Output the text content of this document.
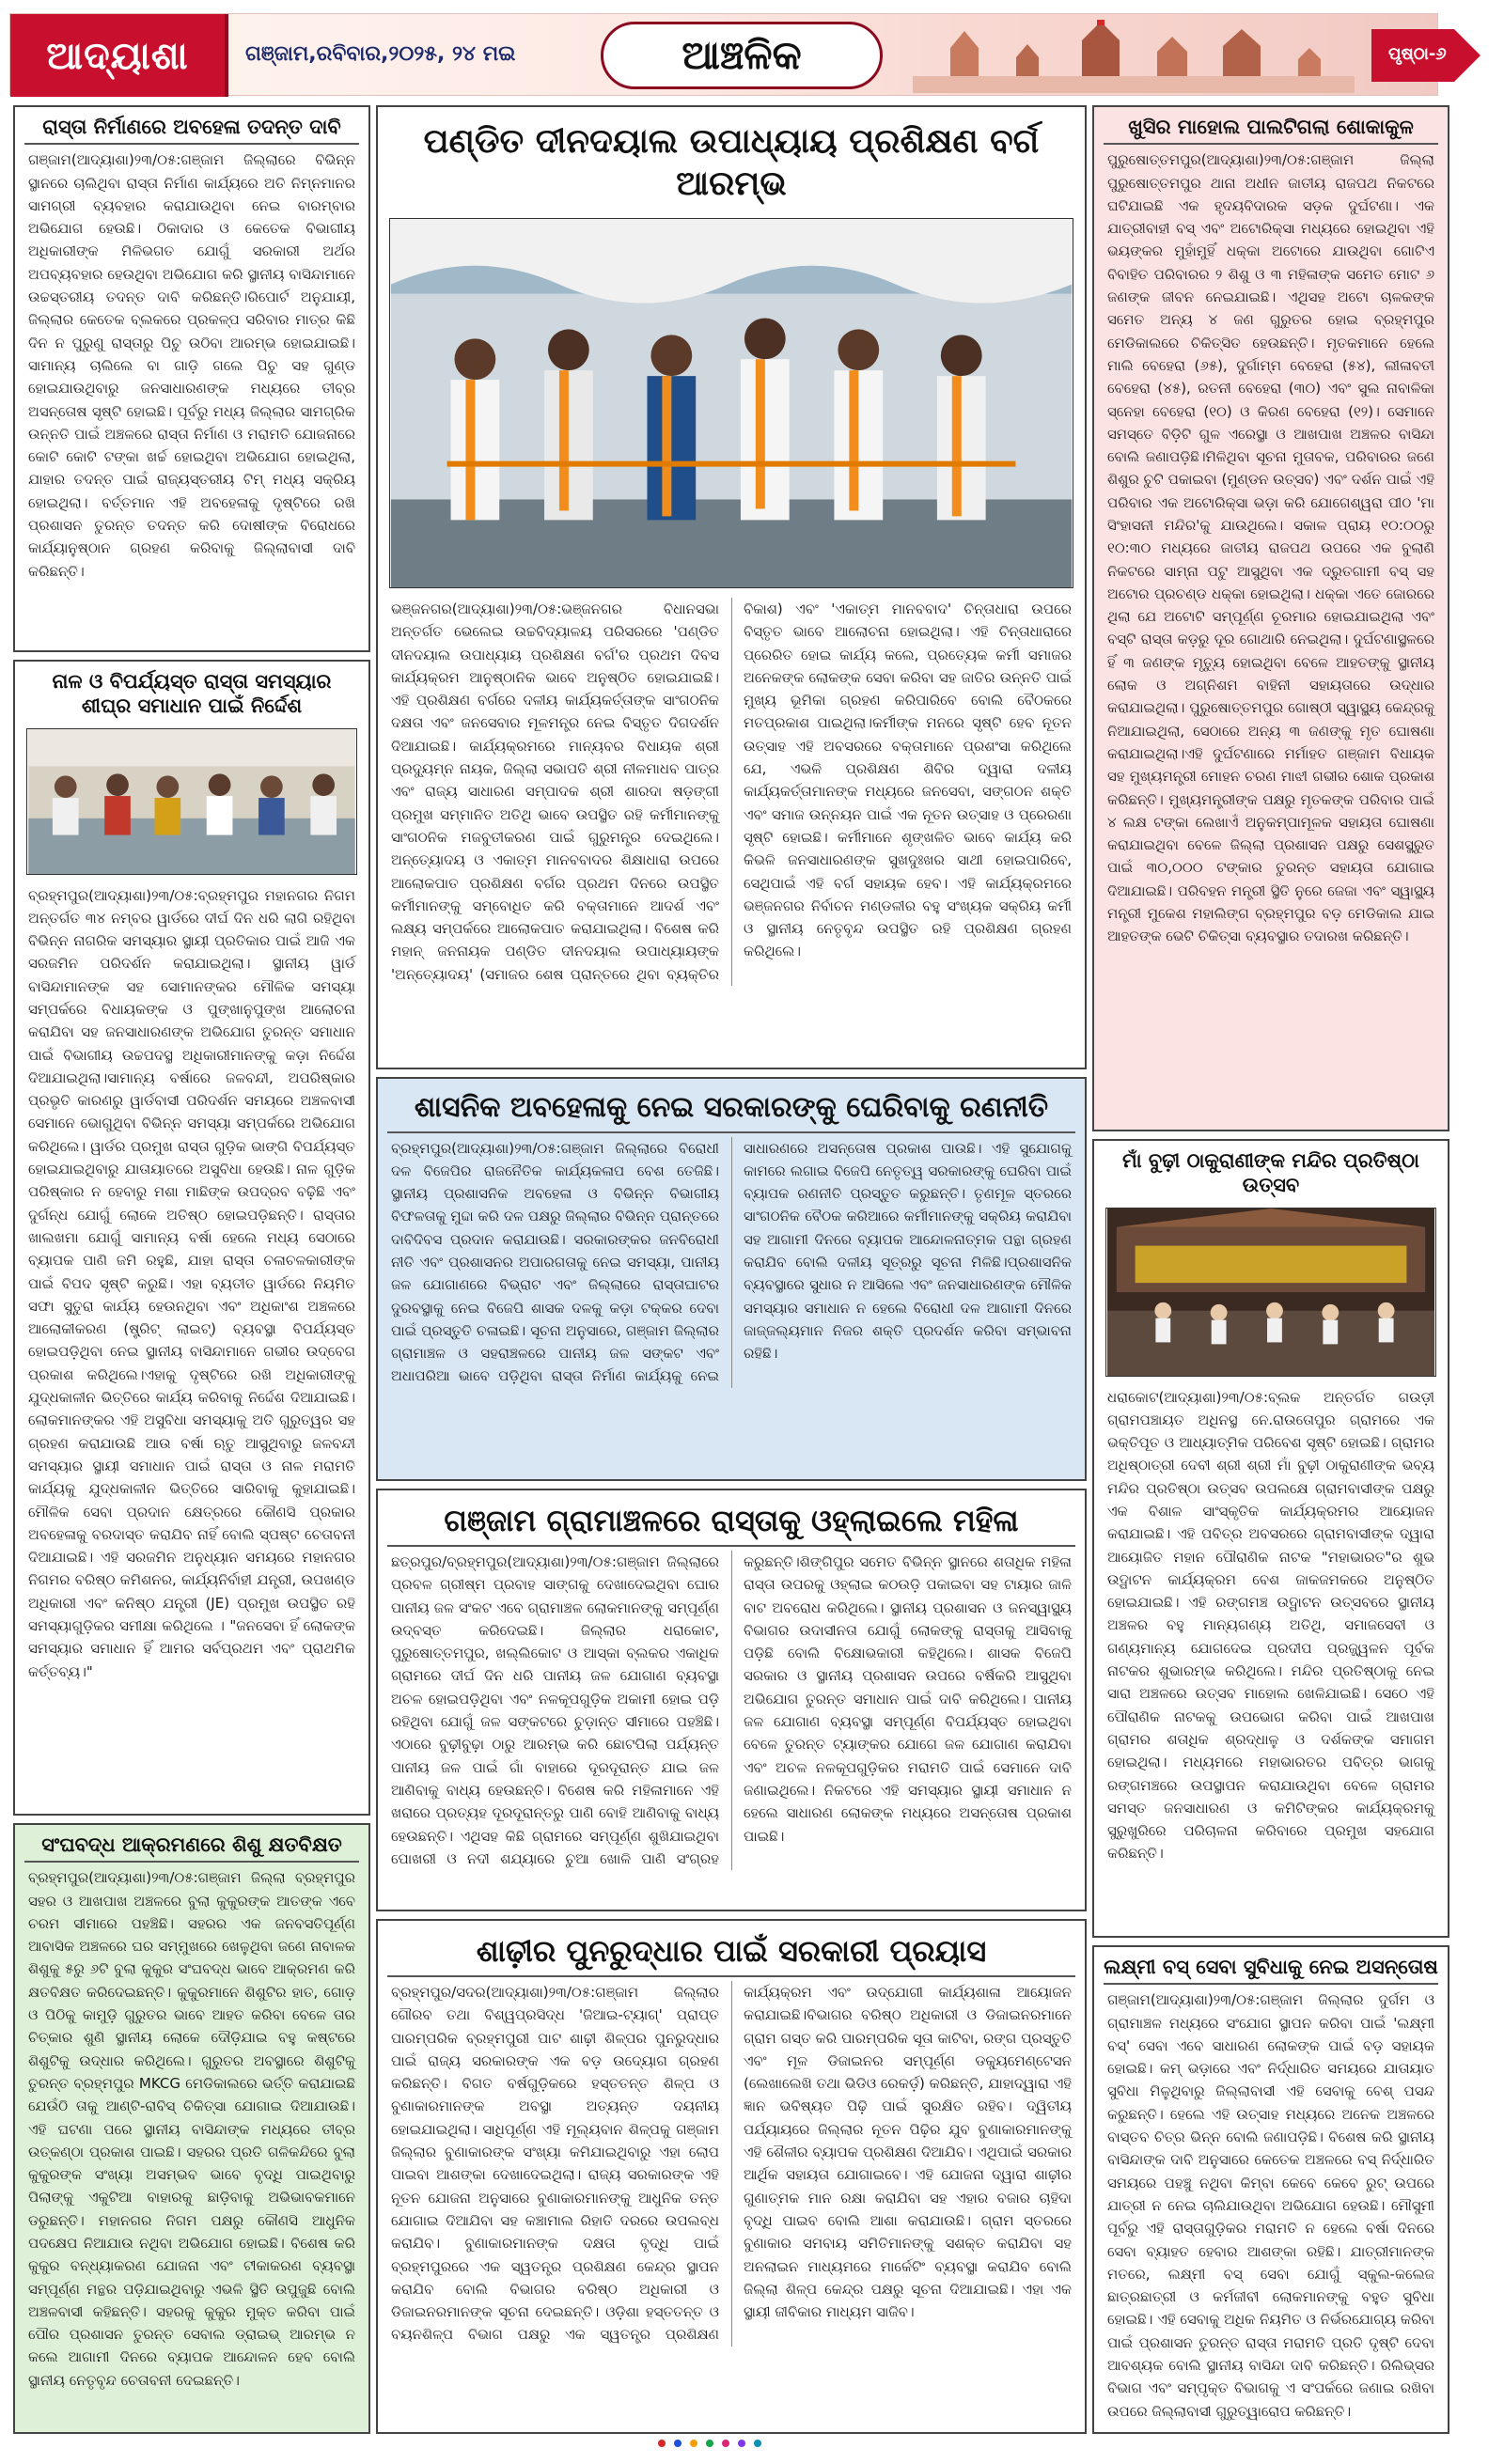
ଆଦ୍ୟାଶା	ଗଞ୍ଜାମ,ରବିବାର,୨୦୨୫, ୨୪ ମଇ	ଆଞ୍ଚଳିକ	ପୃଷ୍ଠା-୬
ରାସ୍ତା ନିର୍ମାଣରେ ଅବହେଳା ତଦନ୍ତ ଦାବି
ଗଞ୍ଜାମ(ଆଦ୍ୟାଶା)୨୩/୦୫:ଗଞ୍ଜାମ ଜିଲ୍ଲାରେ ବିଭିନ୍ନ ସ୍ଥାନରେ ଚାଲିଥିବା ରାସ୍ତା ନିର୍ମାଣ କାର୍ଯ୍ୟରେ ଅତି ନିମ୍ନମାନର ସାମଗ୍ରୀ ବ୍ୟବହାର କରାଯାଉଥିବା ନେଇ ବାରମ୍ବାର ଅଭିଯୋଗ ହେଉଛି। ଠିକାଦାର ଓ କେତେକ ବିଭାଗୀୟ ଅଧିକାରୀଙ୍କ ମିଳିଭଗତ ଯୋଗୁଁ ସରକାରୀ ଅର୍ଥର ଅପବ୍ୟବହାର ହେଉଥିବା ଅଭିଯୋଗ କରି ସ୍ଥାନୀୟ ବାସିନ୍ଦାମାନେ ଉଚ୍ଚସ୍ତରୀୟ ତଦନ୍ତ ଦାବି କରିଛନ୍ତି।ରିପୋର୍ଟ ଅନୁଯାୟୀ, ଜିଲ୍ଲାର କେତେକ ବ୍ଲକରେ ପ୍ରକଳ୍ପ ସରିବାର ମାତ୍ର କିଛି ଦିନ ନ ପୁରୁଣୁ ରାସ୍ତାରୁ ପିଚୁ ଉଠିବା ଆରମ୍ଭ ହୋଇଯାଇଛି। ସାମାନ୍ୟ ଚାଲିଲେ ବା ଗାଡ଼ି ଗଲେ ପିଚୁ ସହ ଗୁଣ୍ଡ ହୋଇଯାଉଥିବାରୁ ଜନସାଧାରଣଙ୍କ ମଧ୍ୟରେ ତୀବ୍ର ଅସନ୍ତୋଷ ସୃଷ୍ଟି ହୋଇଛି। ପୂର୍ବରୁ ମଧ୍ୟ ଜିଲ୍ଲାର ସାମଗ୍ରିକ ଉନ୍ନତି ପାଇଁ ଅଞ୍ଚଳରେ ରାସ୍ତା ନିର୍ମାଣ ଓ ମରାମତି ଯୋଜନାରେ କୋଟି କୋଟି ଟଙ୍କା ଖର୍ଚ୍ଚ ହୋଇଥିବା ଅଭିଯୋଗ ହୋଇଥିଲା, ଯାହାର ତଦନ୍ତ ପାଇଁ ରାଜ୍ୟସ୍ତରୀୟ ଟିମ୍ ମଧ୍ୟ ସକ୍ରିୟ ହୋଇଥିଲା। ବର୍ତ୍ତମାନ ଏହି ଅବହେଳାକୁ ଦୃଷ୍ଟିରେ ରଖି ପ୍ରଶାସନ ତୁରନ୍ତ ତଦନ୍ତ କରି ଦୋଷୀଙ୍କ ବିରୋଧରେ କାର୍ଯ୍ୟାନୁଷ୍ଠାନ ଗ୍ରହଣ କରିବାକୁ ଜିଲ୍ଲାବାସୀ ଦାବି କରିଛନ୍ତି।
ନାଳ ଓ ବିପର୍ଯ୍ୟସ୍ତ ରାସ୍ତା ସମସ୍ୟାର ଶୀଘ୍ର ସମାଧାନ ପାଇଁ ନିର୍ଦ୍ଦେଶ
ବ୍ରହ୍ମପୁର(ଆଦ୍ୟାଶା)୨୩/୦୫:ବ୍ରହ୍ମପୁର ମହାନଗର ନିଗମ ଅନ୍ତର୍ଗତ ୩୪ ନମ୍ବର ୱାର୍ଡରେ ଦୀର୍ଘ ଦିନ ଧରି ଲାଗି ରହିଥିବା ବିଭିନ୍ନ ନାଗରିକ ସମସ୍ୟାର ସ୍ଥାୟୀ ପ୍ରତିକାର ପାଇଁ ଆଜି ଏକ ସରଜମିନ ପରିଦର୍ଶନ କରାଯାଇଥିଲା। ସ୍ଥାନୀୟ ୱାର୍ଡ ବାସିନ୍ଦାମାନଙ୍କ ସହ ସୋମାନଙ୍କର ମୌଳିକ ସମସ୍ୟା ସମ୍ପର୍କରେ ବିଧାୟକଙ୍କ ଓ ପୁଙ୍ଖାନୁପୁଙ୍ଖ ଆଲୋଚନା କରାଯିବା ସହ ଜନସାଧାରଣଙ୍କ ଅଭିଯୋଗ ତୁରନ୍ତ ସମାଧାନ ପାଇଁ ବିଭାଗୀୟ ଉଚ୍ଚପଦସ୍ଥ ଅଧିକାରୀମାନଙ୍କୁ କଡ଼ା ନିର୍ଦ୍ଦେଶ ଦିଆଯାଇଥିଲା।ସାମାନ୍ୟ ବର୍ଷାରେ ଜଳବନ୍ଦୀ, ଅପରିଷ୍କାର ପ୍ରଭୃତି କାରଣରୁ ୱାର୍ଡବାସୀ ପରିଦର୍ଶନ ସମୟରେ ଅଞ୍ଚଳବାସୀ ସେମାନେ ଭୋଗୁଥିବା ବିଭିନ୍ନ ସମସ୍ୟା ସମ୍ପର୍କରେ ଅଭିଯୋଗ କରିଥିଲେ। ୱାର୍ଡର ପ୍ରମୁଖ ରାସ୍ତା ଗୁଡ଼ିକ ଭାଙ୍ଗି ବିପର୍ଯ୍ୟସ୍ତ ହୋଇଯାଇଥିବାରୁ ଯାତାୟାତରେ ଅସୁବିଧା ହେଉଛି। ନାଳ ଗୁଡ଼ିକ ପରିଷ୍କାର ନ ହେବାରୁ ମଶା ମାଛିଙ୍କ ଉପଦ୍ରବ ବଢ଼ିଛି ଏବଂ ଦୁର୍ଗନ୍ଧ ଯୋଗୁଁ ଲୋକେ ଅତିଷ୍ଠ ହୋଇପଡ଼ିଛନ୍ତି। ରାସ୍ତାର ଖାଲଖମା ଯୋଗୁଁ ସାମାନ୍ୟ ବର୍ଷା ହେଲେ ମଧ୍ୟ ସେଠାରେ ବ୍ୟାପକ ପାଣି ଜମି ରହୁଛି, ଯାହା ରାସ୍ତା ଚଳାଚଳକାରୀଙ୍କ ପାଇଁ ବିପଦ ସୃଷ୍ଟି କରୁଛି। ଏହା ବ୍ୟତୀତ ୱାର୍ଡରେ ନିୟମିତ ସଫା ସୁତୁରା କାର୍ଯ୍ୟ ହେଉନଥିବା ଏବଂ ଅଧିକାଂଶ ଅଞ୍ଚଳରେ ଆଲୋକୀକରଣ (ଷ୍ଟ୍ରିଟ୍ ଲାଇଟ୍) ବ୍ୟବସ୍ଥା ବିପର୍ଯ୍ୟସ୍ତ ହୋଇପଡ଼ିଥିବା ନେଇ ସ୍ଥାନୀୟ ବାସିନ୍ଦାମାନେ ଗଭୀର ଉଦ୍‌ବେଗ ପ୍ରକାଶ କରିଥିଲେ।ଏହାକୁ ଦୃଷ୍ଟିରେ ରଖି ଅଧିକାରୀଙ୍କୁ ଯୁଦ୍ଧକାଳୀନ ଭିତ୍ତିରେ କାର୍ଯ୍ୟ କରିବାକୁ ନିର୍ଦ୍ଦେଶ ଦିଆଯାଇଛି। ଲୋକମାନଙ୍କର ଏହି ଅସୁବିଧା ସମସ୍ୟାକୁ ଅତି ଗୁରୁତ୍ୱର ସହ ଗ୍ରହଣ କରାଯାଉଛି ଆଉ ବର୍ଷା ଋତୁ ଆସୁଥିବାରୁ ଜଳବନ୍ଦୀ ସମସ୍ୟାର ସ୍ଥାୟୀ ସମାଧାନ ପାଇଁ ରାସ୍ତା ଓ ନାଳ ମରାମତି କାର୍ଯ୍ୟକୁ ଯୁଦ୍ଧକାଳୀନ ଭିତ୍ତିରେ ସାରିବାକୁ କୁହାଯାଇଛି। ମୌଳିକ ସେବା ପ୍ରଦାନ କ୍ଷେତ୍ରରେ କୌଣସି ପ୍ରକାର ଅବହେଳାକୁ ବରଦାସ୍ତ କରାଯିବ ନାହିଁ ବୋଲି ସ୍ପଷ୍ଟ ଚେତାବନୀ ଦିଆଯାଇଛି। ଏହି ସରଜମିନ ଅନୁଧ୍ୟାନ ସମୟରେ ମହାନଗର ନିଗମର ବରିଷ୍ଠ କମିଶନର, କାର୍ଯ୍ୟନିର୍ବାହୀ ଯନ୍ତ୍ରୀ, ଉପଖଣ୍ଡ ଅଧିକାରୀ ଏବଂ କନିଷ୍ଠ ଯନ୍ତ୍ରୀ (JE) ପ୍ରମୁଖ ଉପସ୍ଥିତ ରହି ସମସ୍ୟାଗୁଡ଼ିକର ସମୀକ୍ଷା କରିଥିଲେ । "ଜନସେବା ହିଁ ଲୋକଙ୍କ ସମସ୍ୟାର ସମାଧାନ ହିଁ ଆମର ସର୍ବପ୍ରଥମ ଏବଂ ପ୍ରାଥମିକ କର୍ତ୍ତବ୍ୟ।"
ସଂଘବଦ୍ଧ ଆକ୍ରମଣରେ ଶିଶୁ କ୍ଷତବିକ୍ଷତ
ବ୍ରହ୍ମପୁର(ଆଦ୍ୟାଶା)୨୩/୦୫:ଗଞ୍ଜାମ ଜିଲ୍ଲା ବ୍ରହ୍ମପୁର ସହର ଓ ଆଖପାଖ ଅଞ୍ଚଳରେ ବୁଲା କୁକୁରଙ୍କ ଆତଙ୍କ ଏବେ ଚରମ ସୀମାରେ ପହଞ୍ଚିଛି। ସହରର ଏକ ଜନବସତିପୂର୍ଣ୍ଣ ଆବାସିକ ଅଞ୍ଚଳରେ ଘର ସମ୍ମୁଖରେ ଖେଳୁଥିବା ଜଣେ ନାବାଳକ ଶିଶୁକୁ ୫ରୁ ୬ଟି ବୁଲା କୁକୁର ସଂଘବଦ୍ଧ ଭାବେ ଆକ୍ରମଣ କରି କ୍ଷତବିକ୍ଷତ କରିଦେଇଛନ୍ତି। କୁକୁରମାନେ ଶିଶୁଟିର ହାତ, ଗୋଡ଼ ଓ ପିଠିକୁ କାମୁଡ଼ି ଗୁରୁତର ଭାବେ ଆହତ କରିବା ବେଳେ ତାର ଚିତ୍କାର ଶୁଣି ସ୍ଥାନୀୟ ଲୋକେ ଦୌଡ଼ିଯାଇ ବହୁ କଷ୍ଟରେ ଶିଶୁଟିକୁ ଉଦ୍ଧାର କରିଥିଲେ। ଗୁରୁତର ଅବସ୍ଥାରେ ଶିଶୁଟିକୁ ତୁରନ୍ତ ବ୍ରହ୍ମପୁର MKCG ମେଡିକାଲରେ ଭର୍ତ୍ତି କରାଯାଇଛି ଯେଉଁଠି ତାକୁ ଆଣ୍ଟି-ରାବିସ୍ ଚିକିତ୍ସା ଯୋଗାଇ ଦିଆଯାଉଛି। ଏହି ଘଟଣା ପରେ ସ୍ଥାନୀୟ ବାସିନ୍ଦାଙ୍କ ମଧ୍ୟରେ ତୀବ୍ର ଉତ୍କଣ୍ଠା ପ୍ରକାଶ ପାଇଛି। ସହରର ପ୍ରତି ଗଳିକନ୍ଦିରେ ବୁଲା କୁକୁରଙ୍କ ସଂଖ୍ୟା ଅସମ୍ଭବ ଭାବେ ବୃଦ୍ଧି ପାଇଥିବାରୁ ପିଲାଙ୍କୁ ଏକୁଟିଆ ବାହାରକୁ ଛାଡ଼ିବାକୁ ଅଭିଭାବକମାନେ ଡରୁଛନ୍ତି। ମହାନଗର ନିଗମ ପକ୍ଷରୁ କୌଣସି ଆଧୁନିକ ପଦକ୍ଷେପ ନିଆଯାଉ ନଥିବା ଅଭିଯୋଗ ହୋଇଛି। ବିଶେଷ କରି କୁକୁର ବନ୍ଧ୍ୟାକରଣ ଯୋଜନା ଏବଂ ଟୀକାକରଣ ବ୍ୟବସ୍ଥା ସମ୍ପୂର୍ଣ୍ଣ ମନ୍ଥର ପଡ଼ିଯାଇଥିବାରୁ ଏଭଳି ସ୍ଥିତି ଉପୁଜୁଛି ବୋଲି ଅଞ୍ଚଳବାସୀ କହିଛନ୍ତି। ସହରକୁ କୁକୁର ମୁକ୍ତ କରିବା ପାଇଁ ପୌର ପ୍ରଶାସନ ତୁରନ୍ତ ସେବାଲ ଡ୍ରାଇଭ୍ ଆରମ୍ଭ ନ କଲେ ଆଗାମୀ ଦିନରେ ବ୍ୟାପକ ଆନ୍ଦୋଳନ ହେବ ବୋଲି ସ୍ଥାନୀୟ ନେତୃବୃନ୍ଦ ଚେତାବନୀ ଦେଇଛନ୍ତି।
ପଣ୍ଡିତ ଦୀନଦୟାଲ ଉପାଧ୍ୟାୟ ପ୍ରଶିକ୍ଷଣ ବର୍ଗ ଆରମ୍ଭ
ଭଞ୍ଜନଗର(ଆଦ୍ୟାଶା)୨୩/୦୫:ଭଞ୍ଜନଗର ବିଧାନସଭା ଅନ୍ତର୍ଗତ ଭେଲେଇ ଉଚ୍ଚବିଦ୍ୟାଳୟ ପରିସରରେ 'ପଣ୍ଡିତ ଦୀନଦୟାଲ ଉପାଧ୍ୟାୟ ପ୍ରଶିକ୍ଷଣ ବର୍ଗ'ର ପ୍ରଥମ ଦିବସ କାର୍ଯ୍ୟକ୍ରମ ଆନୁଷ୍ଠାନିକ ଭାବେ ଅନୁଷ୍ଠିତ ହୋଇଯାଇଛି। ଏହି ପ୍ରଶିକ୍ଷଣ ବର୍ଗରେ ଦଳୀୟ କାର୍ଯ୍ୟକର୍ତ୍ତାଙ୍କ ସାଂଗଠନିକ ଦକ୍ଷତା ଏବଂ ଜନସେବାର ମୂଳମନ୍ତ୍ର ନେଇ ବିସ୍ତୃତ ଦିଗଦର୍ଶନ ଦିଆଯାଇଛି। କାର୍ଯ୍ୟକ୍ରମରେ ମାନ୍ୟବର ବିଧାୟକ ଶ୍ରୀ ପ୍ରଦ୍ୟୁମ୍ନ ନାୟକ, ଜିଲ୍ଲା ସଭାପତି ଶ୍ରୀ ନୀଳମାଧବ ପାତ୍ର ଏବଂ ରାଜ୍ୟ ସାଧାରଣ ସମ୍ପାଦକ ଶ୍ରୀ ଶାରଦା ଷଡ଼ଙ୍ଗୀ ପ୍ରମୁଖ ସମ୍ମାନିତ ଅତିଥି ଭାବେ ଉପସ୍ଥିତ ରହି କର୍ମୀମାନଙ୍କୁ ସାଂଗଠନିକ ମଜବୁତୀକରଣ ପାଇଁ ଗୁରୁମନ୍ତ୍ର ଦେଇଥିଲେ।ଅନ୍ତ୍ୟୋଦୟ ଓ ଏକାତ୍ମ ମାନବବାଦର ଶିକ୍ଷାଧାରା ଉପରେ ଆଲୋକପାତ ପ୍ରଶିକ୍ଷଣ ବର୍ଗର ପ୍ରଥମ ଦିନରେ ଉପସ୍ଥିତ କର୍ମୀମାନଙ୍କୁ ସମ୍ବୋଧିତ କରି ବକ୍ତାମାନେ ଆଦର୍ଶ ଏବଂ ଲକ୍ଷ୍ୟ ସମ୍ପର୍କରେ ଆଲୋକପାତ କରାଯାଇଥିଲା। ବିଶେଷ କରି ମହାନ୍ ଜନନାୟକ ପଣ୍ଡିତ ଦୀନଦୟାଲ ଉପାଧ୍ୟାୟଙ୍କ 'ଅନ୍ତ୍ୟୋଦୟ' (ସମାଜର ଶେଷ ପ୍ରାନ୍ତରେ ଥିବା ବ୍ୟକ୍ତିର ବିକାଶ) ଏବଂ 'ଏକାତ୍ମ ମାନବବାଦ' ଚିନ୍ତାଧାରା ଉପରେ ବିସ୍ତୃତ ଭାବେ ଆଲୋଚନା ହୋଇଥିଲା। ଏହି ଚିନ୍ତାଧାରାରେ ପ୍ରେରିତ ହୋଇ କାର୍ଯ୍ୟ କଲେ, ପ୍ରତ୍ୟେକ କର୍ମୀ ସମାଜର ଅନେକଙ୍କ ଲୋକଙ୍କ ସେବା କରିବା ସହ ଜାତିର ଉନ୍ନତି ପାଇଁ ମୁଖ୍ୟ ଭୂମିକା ଗ୍ରହଣ କରିପାରିବେ ବୋଲି ବୈଠକରେ ମତପ୍ରକାଶ ପାଇଥିଲା।କର୍ମୀଙ୍କ ମନରେ ସୃଷ୍ଟି ହେବ ନୂତନ ଉତ୍ସାହ ଏହି ଅବସରରେ ବକ୍ତାମାନେ ପ୍ରଶଂସା କରିଥିଲେ ଯେ, ଏଭଳି ପ୍ରଶିକ୍ଷଣ ଶିବିର ଦ୍ୱାରା ଦଳୀୟ କାର୍ଯ୍ୟକର୍ତ୍ତାମାନଙ୍କ ମଧ୍ୟରେ ଜନସେବା, ସଙ୍ଗଠନ ଶକ୍ତି ଏବଂ ସମାଜ ଉନ୍ନୟନ ପାଇଁ ଏକ ନୂତନ ଉତ୍ସାହ ଓ ପ୍ରେରଣା ସୃଷ୍ଟି ହୋଇଛି। କର୍ମୀମାନେ ଶୃଙ୍ଖଳିତ ଭାବେ କାର୍ଯ୍ୟ କରି କିଭଳି ଜନସାଧାରଣଙ୍କ ସୁଖଦୁଃଖର ସାଥୀ ହୋଇପାରିବେ, ସେଥିପାଇଁ ଏହି ବର୍ଗ ସହାୟକ ହେବ। ଏହି କାର୍ଯ୍ୟକ୍ରମରେ ଭଞ୍ଜନଗର ନିର୍ବାଚନ ମଣ୍ଡଳୀର ବହୁ ସଂଖ୍ୟକ ସକ୍ରିୟ କର୍ମୀ ଓ ସ୍ଥାନୀୟ ନେତୃବୃନ୍ଦ ଉପସ୍ଥିତ ରହି ପ୍ରଶିକ୍ଷଣ ଗ୍ରହଣ କରିଥିଲେ।
ଶାସନିକ ଅବହେଳାକୁ ନେଇ ସରକାରଙ୍କୁ ଘେରିବାକୁ ରଣନୀତି
ବ୍ରହ୍ମପୁର(ଆଦ୍ୟାଶା)୨୩/୦୫:ଗଞ୍ଜାମ ଜିଲ୍ଲାରେ ବିରୋଧୀ ଦଳ ବିଜେପିର ରାଜନୈତିକ କାର୍ଯ୍ୟକଳାପ ବେଶ ତେଜିଛି। ସ୍ଥାନୀୟ ପ୍ରଶାସନିକ ଅବହେଳା ଓ ବିଭିନ୍ନ ବିଭାଗୀୟ ବିଫଳତାକୁ ମୁଦ୍ଦା କରି ଦଳ ପକ୍ଷରୁ ଜିଲ୍ଲାର ବିଭିନ୍ନ ପ୍ରାନ୍ତରେ ଦାବିଦିବସ ପ୍ରଦାନ କରାଯାଉଛି। ସରକାରଙ୍କର ଜନବିରୋଧୀ ନୀତି ଏବଂ ପ୍ରଶାସନର ଅପାରଗତାକୁ ନେଇ ସମସ୍ୟା, ପାନୀୟ ଜଳ ଯୋଗାଣରେ ବିଭ୍ରାଟ ଏବଂ ଜିଲ୍ଲାରେ ରାସ୍ତାଘାଟର ଦୁରବସ୍ଥାକୁ ନେଇ ବିଜେପି ଶାସକ ଦଳକୁ କଡ଼ା ଟକ୍କର ଦେବା ପାଇଁ ପ୍ରସ୍ତୁତି ଚଳାଇଛି। ସୂଚନା ଅନୁସାରେ, ଗଞ୍ଜାମ ଜିଲ୍ଲାର ଗ୍ରାମାଞ୍ଚଳ ଓ ସହରାଞ୍ଚଳରେ ପାନୀୟ ଜଳ ସଙ୍କଟ ଏବଂ ଅଧାପରିଆ ଭାବେ ପଡ଼ିଥିବା ରାସ୍ତା ନିର୍ମାଣ କାର୍ଯ୍ୟକୁ ନେଇ ସାଧାରଣରେ ଅସନ୍ତୋଷ ପ୍ରକାଶ ପାଉଛି। ଏହି ସୁଯୋଗକୁ କାମରେ ଲଗାଇ ବିଜେପି ନେତୃତ୍ୱ ସରକାରଙ୍କୁ ଘେରିବା ପାଇଁ ବ୍ୟାପକ ରଣନୀତି ପ୍ରସ୍ତୁତ କରୁଛନ୍ତି। ତୃଣମୂଳ ସ୍ତରରେ ସାଂଗଠନିକ ବୈଠକ କରିଆରେ କର୍ମୀମାନଙ୍କୁ ସକ୍ରିୟ କରାଯିବା ସହ ଆଗାମୀ ଦିନରେ ବ୍ୟାପକ ଆନ୍ଦୋଳନାତ୍ମକ ପନ୍ଥା ଗ୍ରହଣ କରାଯିବ ବୋଲି ଦଳୀୟ ସୂତ୍ରରୁ ସୂଚନା ମିଳିଛି।ପ୍ରଶାସନିକ ବ୍ୟବସ୍ଥାରେ ସୁଧାର ନ ଆସିଲେ ଏବଂ ଜନସାଧାରଣଙ୍କ ମୌଳିକ ସମସ୍ୟାର ସମାଧାନ ନ ହେଲେ ବିରୋଧୀ ଦଳ ଆଗାମୀ ଦିନରେ ଜାଜ୍ଜଲ୍ୟମାନ ନିଜର ଶକ୍ତି ପ୍ରଦର୍ଶନ କରିବା ସମ୍ଭାବନା ରହିଛି।
ଗଞ୍ଜାମ ଗ୍ରାମାଞ୍ଚଳରେ ରାସ୍ତାକୁ ଓହ୍ଲାଇଲେ ମହିଳା
ଛତ୍ରପୁର/ବ୍ରହ୍ମପୁର(ଆଦ୍ୟାଶା)୨୩/୦୫:ଗଞ୍ଜାମ ଜିଲ୍ଲାରେ ପ୍ରବଳ ଗ୍ରୀଷ୍ମ ପ୍ରବାହ ସାଙ୍ଗକୁ ଦେଖାଦେଇଥିବା ଘୋର ପାନୀୟ ଜଳ ସଂକଟ ଏବେ ଗ୍ରାମାଞ୍ଚଳ ଲୋକମାନଙ୍କୁ ସମ୍ପୂର୍ଣ୍ଣ ଉଦ୍ବସ୍ତ କରିଦେଇଛି। ଜିଲ୍ଲାର ଧରାକୋଟ, ପୁରୁଷୋତ୍ତମପୁର, ଖଲ୍ଲିକୋଟ ଓ ଆସ୍କା ବ୍ଲକର ଏକାଧିକ ଗ୍ରାମରେ ଦୀର୍ଘ ଦିନ ଧରି ପାନୀୟ ଜଳ ଯୋଗାଣ ବ୍ୟବସ୍ଥା ଅଚଳ ହୋଇପଡ଼ିଥିବା ଏବଂ ନଳକୂପଗୁଡ଼ିକ ଅକାମୀ ହୋଇ ପଡ଼ି ରହିଥିବା ଯୋଗୁଁ ଜଳ ସଙ୍କଟରେ ଚୁଡ଼ାନ୍ତ ସୀମାରେ ପହଞ୍ଚିଛି। ଏଠାରେ ବୁଢ଼ୀବୁଢ଼ା ଠାରୁ ଆରମ୍ଭ କରି ଛୋଟପିଲା ପର୍ଯ୍ୟନ୍ତ ପାନୀୟ ଜଳ ପାଇଁ ଗାଁ ବାହାରେ ଦୂରଦୂରାନ୍ତ ଯାଇ ଜଳ ଆଣିବାକୁ ବାଧ୍ୟ ହେଉଛନ୍ତି। ବିଶେଷ କରି ମହିଳାମାନେ ଏହି ଖରାରେ ପ୍ରତ୍ୟହ ଦୂରଦୂରାନ୍ତରୁ ପାଣି ବୋହି ଆଣିବାକୁ ବାଧ୍ୟ ହେଉଛନ୍ତି। ଏଥିସହ କିଛି ଗ୍ରାମରେ ସମ୍ପୂର୍ଣ୍ଣ ଶୁଖିଯାଇଥିବା ପୋଖରୀ ଓ ନଦୀ ଶଯ୍ୟାରେ ଚୁଆ ଖୋଳି ପାଣି ସଂଗ୍ରହ କରୁଛନ୍ତି।ଶିଙ୍ଗିପୁର ସମେତ ବିଭିନ୍ନ ସ୍ଥାନରେ ଶତାଧିକ ମହିଳା ରାସ୍ତା ଉପରକୁ ଓହ୍ଲାଇ କଠଉଡ଼ି ପକାଇବା ସହ ଟାୟାର ଜାଳି ବାଟ ଅବରୋଧ କରିଥିଲେ। ସ୍ଥାନୀୟ ପ୍ରଶାସନ ଓ ଜନସ୍ୱାସ୍ଥ୍ୟ ବିଭାଗର ଉଦାସୀନତା ଯୋଗୁଁ ଲୋକଙ୍କୁ ରାସ୍ତାକୁ ଆସିବାକୁ ପଡ଼ିଛି ବୋଲି ବିକ୍ଷୋଭକାରୀ କହିଥିଲେ। ଶାସକ ବିଜେପି ସରକାର ଓ ସ୍ଥାନୀୟ ପ୍ରଶାସନ ଉପରେ ବର୍ଷିକରି ଆସୁଥିବା ଅଭିଯୋଗ ତୁରନ୍ତ ସମାଧାନ ପାଇଁ ଦାବି କରିଥିଲେ। ପାନୀୟ ଜଳ ଯୋଗାଣ ବ୍ୟବସ୍ଥା ସମ୍ପୂର୍ଣ୍ଣ ବିପର୍ଯ୍ୟସ୍ତ ହୋଇଥିବା ବେଳେ ତୁରନ୍ତ ଟ୍ୟାଙ୍କର ଯୋଗେ ଜଳ ଯୋଗାଣ କରାଯିବା ଏବଂ ଅଚଳ ନଳକୂପଗୁଡ଼ିକର ମରାମତି ପାଇଁ ସେମାନେ ଦାବି ଜଣାଇଥିଲେ। ନିକଟରେ ଏହି ସମସ୍ୟାର ସ୍ଥାୟୀ ସମାଧାନ ନ ହେଲେ ସାଧାରଣ ଲୋକଙ୍କ ମଧ୍ୟରେ ଅସନ୍ତୋଷ ପ୍ରକାଶ ପାଇଛି।
ଶାଢ଼ୀର ପୁନରୁଦ୍ଧାର ପାଇଁ ସରକାରୀ ପ୍ରୟାସ
ବ୍ରହ୍ମପୁର/ସଦର(ଆଦ୍ୟାଶା)୨୩/୦୫:ଗଞ୍ଜାମ ଜିଲ୍ଲାର ଗୌରବ ତଥା ବିଶ୍ୱପ୍ରସିଦ୍ଧ 'ଜିଆଇ-ଟ୍ୟାଗ୍' ପ୍ରାପ୍ତ ପାରମ୍ପରିକ ବ୍ରହ୍ମପୁରୀ ପାଟ ଶାଢ଼ୀ ଶିଳ୍ପର ପୁନରୁଦ୍ଧାର ପାଇଁ ରାଜ୍ୟ ସରକାରଙ୍କ ଏକ ବଡ଼ ଉଦ୍ୟୋଗ ଗ୍ରହଣ କରିଛନ୍ତି। ବିଗତ ବର୍ଷଗୁଡ଼ିକରେ ହସ୍ତତନ୍ତ ଶିଳ୍ପ ଓ ବୁଣାକାରମାନଙ୍କ ଅବସ୍ଥା ଅତ୍ୟନ୍ତ ଦୟନୀୟ ହୋଇଯାଇଥିଲା। ସାଧିପୂର୍ଣ୍ଣ ଏହି ମୂଲ୍ୟବାନ ଶିଳ୍ପକୁ ଗଞ୍ଜାମ ଜିଲ୍ଲାର ବୁଣାକାରଙ୍କ ସଂଖ୍ୟା କମିଯାଇଥିବାରୁ ଏହା ଲୋପ ପାଇବା ଆଶଙ୍କା ଦେଖାଦେଇଥିଲା। ରାଜ୍ୟ ସରକାରଙ୍କ ଏହି ନୂତନ ଯୋଜନା ଅନୁସାରେ ବୁଣାକାରମାନଙ୍କୁ ଆଧୁନିକ ତନ୍ତ ଯୋଗାଇ ଦିଆଯିବା ସହ କଞ୍ଚାମାଲ ରିହାତି ଦରରେ ଉପଲବ୍ଧ କରାଯିବ। ବୁଣାକାରମାନଙ୍କ ଦକ୍ଷତା ବୃଦ୍ଧି ପାଇଁ ବ୍ରହ୍ମପୁରରେ ଏକ ସ୍ୱତନ୍ତ୍ର ପ୍ରଶିକ୍ଷଣ କେନ୍ଦ୍ର ସ୍ଥାପନ କରାଯିବ ବୋଲି ବିଭାଗର ବରିଷ୍ଠ ଅଧିକାରୀ ଓ ଡିଜାଇନରମାନଙ୍କ ସୂଚନା ଦେଇଛନ୍ତି। ଓଡ଼ିଶା ହସ୍ତତନ୍ତ ଓ ବୟନଶିଳ୍ପ ବିଭାଗ ପକ୍ଷରୁ ଏକ ସ୍ୱତନ୍ତ୍ର ପ୍ରଶିକ୍ଷଣ କାର୍ଯ୍ୟକ୍ରମ ଏବଂ ଉଦ୍‌ଯୋଗୀ କାର୍ଯ୍ୟଶାଳା ଆୟୋଜନ କରାଯାଇଛି।ବିଭାଗର ବରିଷ୍ଠ ଅଧିକାରୀ ଓ ଡିଜାଇନରମାନେ ଗ୍ରାମ ଗସ୍ତ କରି ପାରମ୍ପରିକ ସୂତା କାଟିବା, ରଙ୍ଗ ପ୍ରସ୍ତୁତି ଏବଂ ମୂଳ ଡିଜାଇନର ସମ୍ପୂର୍ଣ୍ଣ ଡକ୍ୟୁମେଣ୍ଟେସନ (ଲେଖାଲେଖି ତଥା ଭିଡିଓ ରେକର୍ଡ଼) କରିଛନ୍ତି, ଯାହାଦ୍ୱାରା ଏହି ଜ୍ଞାନ ଭବିଷ୍ୟତ ପିଢ଼ି ପାଇଁ ସୁରକ୍ଷିତ ରହିବ। ଦ୍ୱିତୀୟ ପର୍ଯ୍ୟାୟରେ ଜିଲ୍ଲାର ନୂତନ ପିଢ଼ିର ଯୁବ ବୁଣାକାରମାନଙ୍କୁ ଏହି ଶୈଳୀର ବ୍ୟାପକ ପ୍ରଶିକ୍ଷଣ ଦିଆଯିବ। ଏଥିପାଇଁ ସରକାର ଆର୍ଥିକ ସହାୟତା ଯୋଗାଇବେ। ଏହି ଯୋଜନା ଦ୍ୱାରା ଶାଢ଼ୀର ଗୁଣାତ୍ମକ ମାନ ରକ୍ଷା କରାଯିବା ସହ ଏହାର ବଜାର ଚାହିଦା ବୃଦ୍ଧି ପାଇବ ବୋଲି ଆଶା କରାଯାଉଛି। ଗ୍ରାମ ସ୍ତରରେ ବୁଣାକାର ସମବାୟ ସମିତିମାନଙ୍କୁ ସଶକ୍ତ କରାଯିବା ସହ ଅନଲାଇନ ମାଧ୍ୟମରେ ମାର୍କେଟିଂ ବ୍ୟବସ୍ଥା କରାଯିବ ବୋଲି ଜିଲ୍ଲା ଶିଳ୍ପ କେନ୍ଦ୍ର ପକ୍ଷରୁ ସୂଚନା ଦିଆଯାଇଛି। ଏହା ଏକ ସ୍ଥାୟୀ ଜୀବିକାର ମାଧ୍ୟମ ସାଜିବ।
ଖୁସିର ମାହୋଲ ପାଲଟିଗଲା ଶୋକାକୁଳ
ପୁରୁଷୋତ୍ତମପୁର(ଆଦ୍ୟାଶା)୨୩/୦୫:ଗଞ୍ଜାମ ଜିଲ୍ଲା ପୁରୁଷୋତ୍ତମପୁର ଥାନା ଅଧୀନ ଜାତୀୟ ରାଜପଥ ନିକଟରେ ଘଟିଯାଇଛି ଏକ ହୃଦୟବିଦାରକ ସଡ଼କ ଦୁର୍ଘଟଣା। ଏକ ଯାତ୍ରୀବାହୀ ବସ୍ ଏବଂ ଅଟୋରିକ୍ସା ମଧ୍ୟରେ ହୋଇଥିବା ଏହି ଭୟଙ୍କର ମୁହାଁମୁହିଁ ଧକ୍କା ଅଟୋରେ ଯାଉଥିବା ଗୋଟିଏ ବିବାହିତ ପରିବାରର ୨ ଶିଶୁ ଓ ୩ ମହିଳାଙ୍କ ସମେତ ମୋଟ ୬ ଜଣଙ୍କ ଜୀବନ ନେଇଯାଇଛି। ଏଥିସହ ଅଟୋ ଚାଳକଙ୍କ ସମେତ ଅନ୍ୟ ୪ ଜଣ ଗୁରୁତର ହୋଇ ବ୍ରହ୍ମପୁର ମେଡିକାଲରେ ଚିକିତ୍ସିତ ହେଉଛନ୍ତି। ମୃତକମାନେ ହେଲେ ମାଲି ବେହେରା (୬୫), ଦୁର୍ଗାମ୍ମ ବେହେରା (୫୪), ଲୀଳାବତୀ ବେହେରା (୪୫), ରତନୀ ବେହେରା (୩୦) ଏବଂ ସୁଲ ନାବାଳିକା ସ୍ନେହା ବେହେରା (୧୦) ଓ କିରଣ ବେହେରା (୧୨)। ସେମାନେ ସମସ୍ତେ ବିଡ଼ିଟି ଗୁଳ ଏରେସ୍ଥା ଓ ଆଖପାଖ ଅଞ୍ଚଳର ବାସିନ୍ଦା ବୋଲି ଜଣାପଡ଼ିଛି।ମିଳିଥିବା ସୂଚନା ମୁତାବକ, ପରିବାରର ଜଣେ ଶିଶୁର ଚୁଟି ପକାଇବା (ମୁଣ୍ଡନ ଉତ୍ସବ) ଏବଂ ଦର୍ଶନ ପାଇଁ ଏହି ପରିବାର ଏକ ଅଟୋରିକ୍ସା ଭଡ଼ା କରି ଯୋଗେଶ୍ୱରା ପୀଠ 'ମା ସିଂହାସନୀ ମନ୍ଦିର'କୁ ଯାଉଥିଲେ। ସକାଳ ପ୍ରାୟ ୧୦:୦୦ରୁ ୧୦:୩୦ ମଧ୍ୟରେ ଜାତୀୟ ରାଜପଥ ଉପରେ ଏକ ବୁଲାଣି ନିକଟରେ ସାମ୍ନା ପଟୁ ଆସୁଥିବା ଏକ ଦ୍ରୁତଗାମୀ ବସ୍ ସହ ଅଟୋର ପ୍ରଚଣ୍ଡ ଧକ୍କା ହୋଇଥିଲା। ଧକ୍କା ଏତେ ଜୋରରେ ଥିଲା ଯେ ଅଟୋଟି ସମ୍ପୂର୍ଣ୍ଣ ଚୂରମାର ହୋଇଯାଇଥିଲା ଏବଂ ବସ୍‌ଟି ରାସ୍ତା କଡ଼ରୁ ଦୂର ଗୋଥାରି ନେଇଥିଲା। ଦୁର୍ଘଟଣାସ୍ଥଳରେ ହିଁ ୩ ଜଣଙ୍କ ମୃତ୍ୟୁ ହୋଇଥିବା ବେଳେ ଆହତଙ୍କୁ ସ୍ଥାନୀୟ ଲୋକ ଓ ଅଗ୍ନିଶମ ବାହିନୀ ସହାୟତାରେ ଉଦ୍ଧାର କରାଯାଇଥିଲା। ପୁରୁଷୋତ୍ତମପୁର ଗୋଷ୍ଠୀ ସ୍ୱାସ୍ଥ୍ୟ କେନ୍ଦ୍ରକୁ ନିଆଯାଇଥିଲା, ସେଠାରେ ଅନ୍ୟ ୩ ଜଣଙ୍କୁ ମୃତ ଘୋଷଣା କରାଯାଇଥିଲା।ଏହି ଦୁର୍ଘଟଣାରେ ମର୍ମାହତ ଗଞ୍ଜାମ ବିଧାୟକ ସହ ମୁଖ୍ୟମନ୍ତ୍ରୀ ମୋହନ ଚରଣ ମାଝୀ ଗଭୀର ଶୋକ ପ୍ରକାଶ କରିଛନ୍ତି। ମୁଖ୍ୟମନ୍ତ୍ରୀଙ୍କ ପକ୍ଷରୁ ମୃତକଙ୍କ ପରିବାର ପାଇଁ ୪ ଲକ୍ଷ ଟଙ୍କା ଲେଖାଏଁ ଅନୁକମ୍ପାମୂଳକ ସହାୟତା ଘୋଷଣା କରାଯାଇଥିବା ବେଳେ ଜିଲ୍ଲା ପ୍ରଶାସନ ପକ୍ଷରୁ ସେଶସ୍କ୍ରୁତ ପାଇଁ ୩୦,୦୦୦ ଟଙ୍କାର ତୁରନ୍ତ ସହାୟତା ଯୋଗାଇ ଦିଆଯାଇଛି। ପରିବହନ ମନ୍ତ୍ରୀ ସ୍ଥିତି ନୁରେ ଜେଜା ଏବଂ ସ୍ୱାସ୍ଥ୍ୟ ମନ୍ତ୍ରୀ ମୁକେଶ ମହାଲିଙ୍ଗ ବ୍ରହ୍ମପୁର ବଡ଼ ମେଡିକାଲ ଯାଇ ଆହତଙ୍କ ଭେଟି ଚିକିତ୍ସା ବ୍ୟବସ୍ଥାର ତଦାରଖ କରିଛନ୍ତି।
ମାଁ ବୁଢ଼ୀ ଠାକୁରାଣୀଙ୍କ ମନ୍ଦିର ପ୍ରତିଷ୍ଠା ଉତ୍ସବ
ଧରାକୋଟ(ଆଦ୍ୟାଶା)୨୩/୦୫:ବ୍ଲକ ଅନ୍ତର୍ଗତ ଗଉଡ଼ୀ ଗ୍ରାମପଞ୍ଚାୟତ ଅଧିନସ୍ଥ ନେ.ରାଉତୋପୁର ଗ୍ରାମରେ ଏକ ଭକ୍ତିପୂତ ଓ ଆଧ୍ୟାତ୍ମିକ ପରିବେଶ ସୃଷ୍ଟି ହୋଇଛି। ଗ୍ରାମର ଅଧିଷ୍ଠାତ୍ରୀ ଦେବୀ ଶ୍ରୀ ଶ୍ରୀ ମାଁ ବୁଢ଼ୀ ଠାକୁରାଣୀଙ୍କ ଭବ୍ୟ ମନ୍ଦିର ପ୍ରତିଷ୍ଠା ଉତ୍ସବ ଉପଲକ୍ଷେ ଗ୍ରାମବାସୀଙ୍କ ପକ୍ଷରୁ ଏକ ବିଶାଳ ସାଂସ୍କୃତିକ କାର୍ଯ୍ୟକ୍ରମର ଆୟୋଜନ କରାଯାଇଛି। ଏହି ପବିତ୍ର ଅବସରରେ ଗ୍ରାମବାସୀଙ୍କ ଦ୍ୱାରା ଆୟୋଜିତ ମହାନ ପୌରାଣିକ ନାଟକ "ମହାଭାରତ"ର ଶୁଭ ଉଦ୍ଘାଟନ କାର୍ଯ୍ୟକ୍ରମ ବେଶ ଜାକଜମକରେ ଅନୁଷ୍ଠିତ ହୋଇଯାଇଛି। ଏହି ରଙ୍ଗମଞ୍ଚ ଉଦ୍ଘାଟନ ଉତ୍ସବରେ ସ୍ଥାନୀୟ ଅଞ୍ଚଳର ବହୁ ମାନ୍ୟଗଣ୍ୟ ଅତିଥି, ସମାଜସେବୀ ଓ ଗଣ୍ୟମାନ୍ୟ ଯୋଗଦେଇ ପ୍ରଦୀପ ପ୍ରଜ୍ଜ୍ୱଳନ ପୂର୍ବକ ନାଟକର ଶୁଭାରମ୍ଭ କରିଥିଲେ। ମନ୍ଦିର ପ୍ରତିଷ୍ଠାକୁ ନେଇ ସାରା ଅଞ୍ଚଳରେ ଉତ୍ସବ ମାହୋଲ ଖେଳିଯାଇଛି। ସେଠେ ଏହି ପୌରାଣିକ ନାଟକକୁ ଉପଭୋଗ କରିବା ପାଇଁ ଆଖପାଖ ଗ୍ରାମର ଶତାଧିକ ଶ୍ରଦ୍ଧାଳୁ ଓ ଦର୍ଶକଙ୍କ ସମାଗମ ହୋଇଥିଲା। ମଧ୍ୟମରେ ମହାଭାରତର ପବିତ୍ର ଭାଗକୁ ରଙ୍ଗମଞ୍ଚରେ ଉପସ୍ଥାପନ କରାଯାଉଥିବା ବେଳେ ଗ୍ରାମର ସମସ୍ତ ଜନସାଧାରଣ ଓ କମିଟିଙ୍କର କାର୍ଯ୍ୟକ୍ରମକୁ ସୁରୁଖୁରିରେ ପରିଚାଳନା କରିବାରେ ପ୍ରମୁଖ ସହଯୋଗ କରିଛନ୍ତି।
ଲକ୍ଷ୍ମୀ ବସ୍ ସେବା ସୁବିଧାକୁ ନେଇ ଅସନ୍ତୋଷ
ଗଞ୍ଜାମ(ଆଦ୍ୟାଶା)୨୩/୦୫:ଗଞ୍ଜାମ ଜିଲ୍ଲାର ଦୁର୍ଗମ ଓ ଗ୍ରାମାଞ୍ଚଳ ମଧ୍ୟରେ ସଂଯୋଗ ସ୍ଥାପନ କରିବା ପାଇଁ 'ଲକ୍ଷ୍ମୀ ବସ୍' ସେବା ଏବେ ସାଧାରଣ ଲୋକଙ୍କ ପାଇଁ ବଡ଼ ସହାୟକ ହୋଇଛି। କମ୍ ଭଡ଼ାରେ ଏବଂ ନିର୍ଦ୍ଧାରିତ ସମୟରେ ଯାତାୟାତ ସୁବିଧା ମିଳୁଥିବାରୁ ଜିଲ୍ଲାବାସୀ ଏହି ସେବାକୁ ବେଶ୍ ପସନ୍ଦ କରୁଛନ୍ତି। ହେଲେ ଏହି ଉତ୍ସାହ ମଧ୍ୟରେ ଅନେକ ଅଞ୍ଚଳରେ ବାସ୍ତବ ଚିତ୍ର ଭିନ୍ନ ବୋଲି ଜଣାପଡ଼ିଛି। ବିଶେଷ କରି ସ୍ଥାନୀୟ ବାସିନ୍ଦାଙ୍କ ଦାବି ଅନୁସାରେ କେତେକ ଅଞ୍ଚଳରେ ବସ୍ ନିର୍ଦ୍ଧାରିତ ସମୟରେ ପହଞ୍ଚୁ ନଥିବା କିମ୍ବା କେବେ କେବେ ରୁଟ୍ ଉପରେ ଯାତ୍ରୀ ନ ନେଇ ଚାଲିଯାଉଥିବା ଅଭିଯୋଗ ହେଉଛି। ମୌସୁମୀ ପୂର୍ବରୁ ଏହି ରାସ୍ତାଗୁଡ଼ିକର ମରାମତି ନ ହେଲେ ବର୍ଷା ଦିନରେ ସେବା ବ୍ୟାହତ ହେବାର ଆଶଙ୍କା ରହିଛି। ଯାତ୍ରୀମାନଙ୍କ ମତରେ, ଲକ୍ଷ୍ମୀ ବସ୍ ସେବା ଯୋଗୁଁ ସ୍କୁଲ-କଲେଜ ଛାତ୍ରଛାତ୍ରୀ ଓ କର୍ମଜୀବୀ ଲୋକମାନଙ୍କୁ ବହୁତ ସୁବିଧା ହୋଇଛି। ଏହି ସେବାକୁ ଅଧିକ ନିୟମିତ ଓ ନିର୍ଭରଯୋଗ୍ୟ କରିବା ପାଇଁ ପ୍ରଶାସନ ତୁରନ୍ତ ରାସ୍ତା ମରାମତି ପ୍ରତି ଦୃଷ୍ଟି ଦେବା ଆବଶ୍ୟକ ବୋଲି ସ୍ଥାନୀୟ ବାସିନ୍ଦା ଦାବି କରିଛନ୍ତି। ରିଲିଭ୍ସର ବିଭାଗ ଏବଂ ସମ୍ପୃକ୍ତ ବିଭାଗକୁ ଏ ସଂପର୍କରେ ଜଣାଇ ରଖିବା ଉପରେ ଜିଲ୍ଲାବାସୀ ଗୁରୁତ୍ୱାରୋପ କରିଛନ୍ତି।
